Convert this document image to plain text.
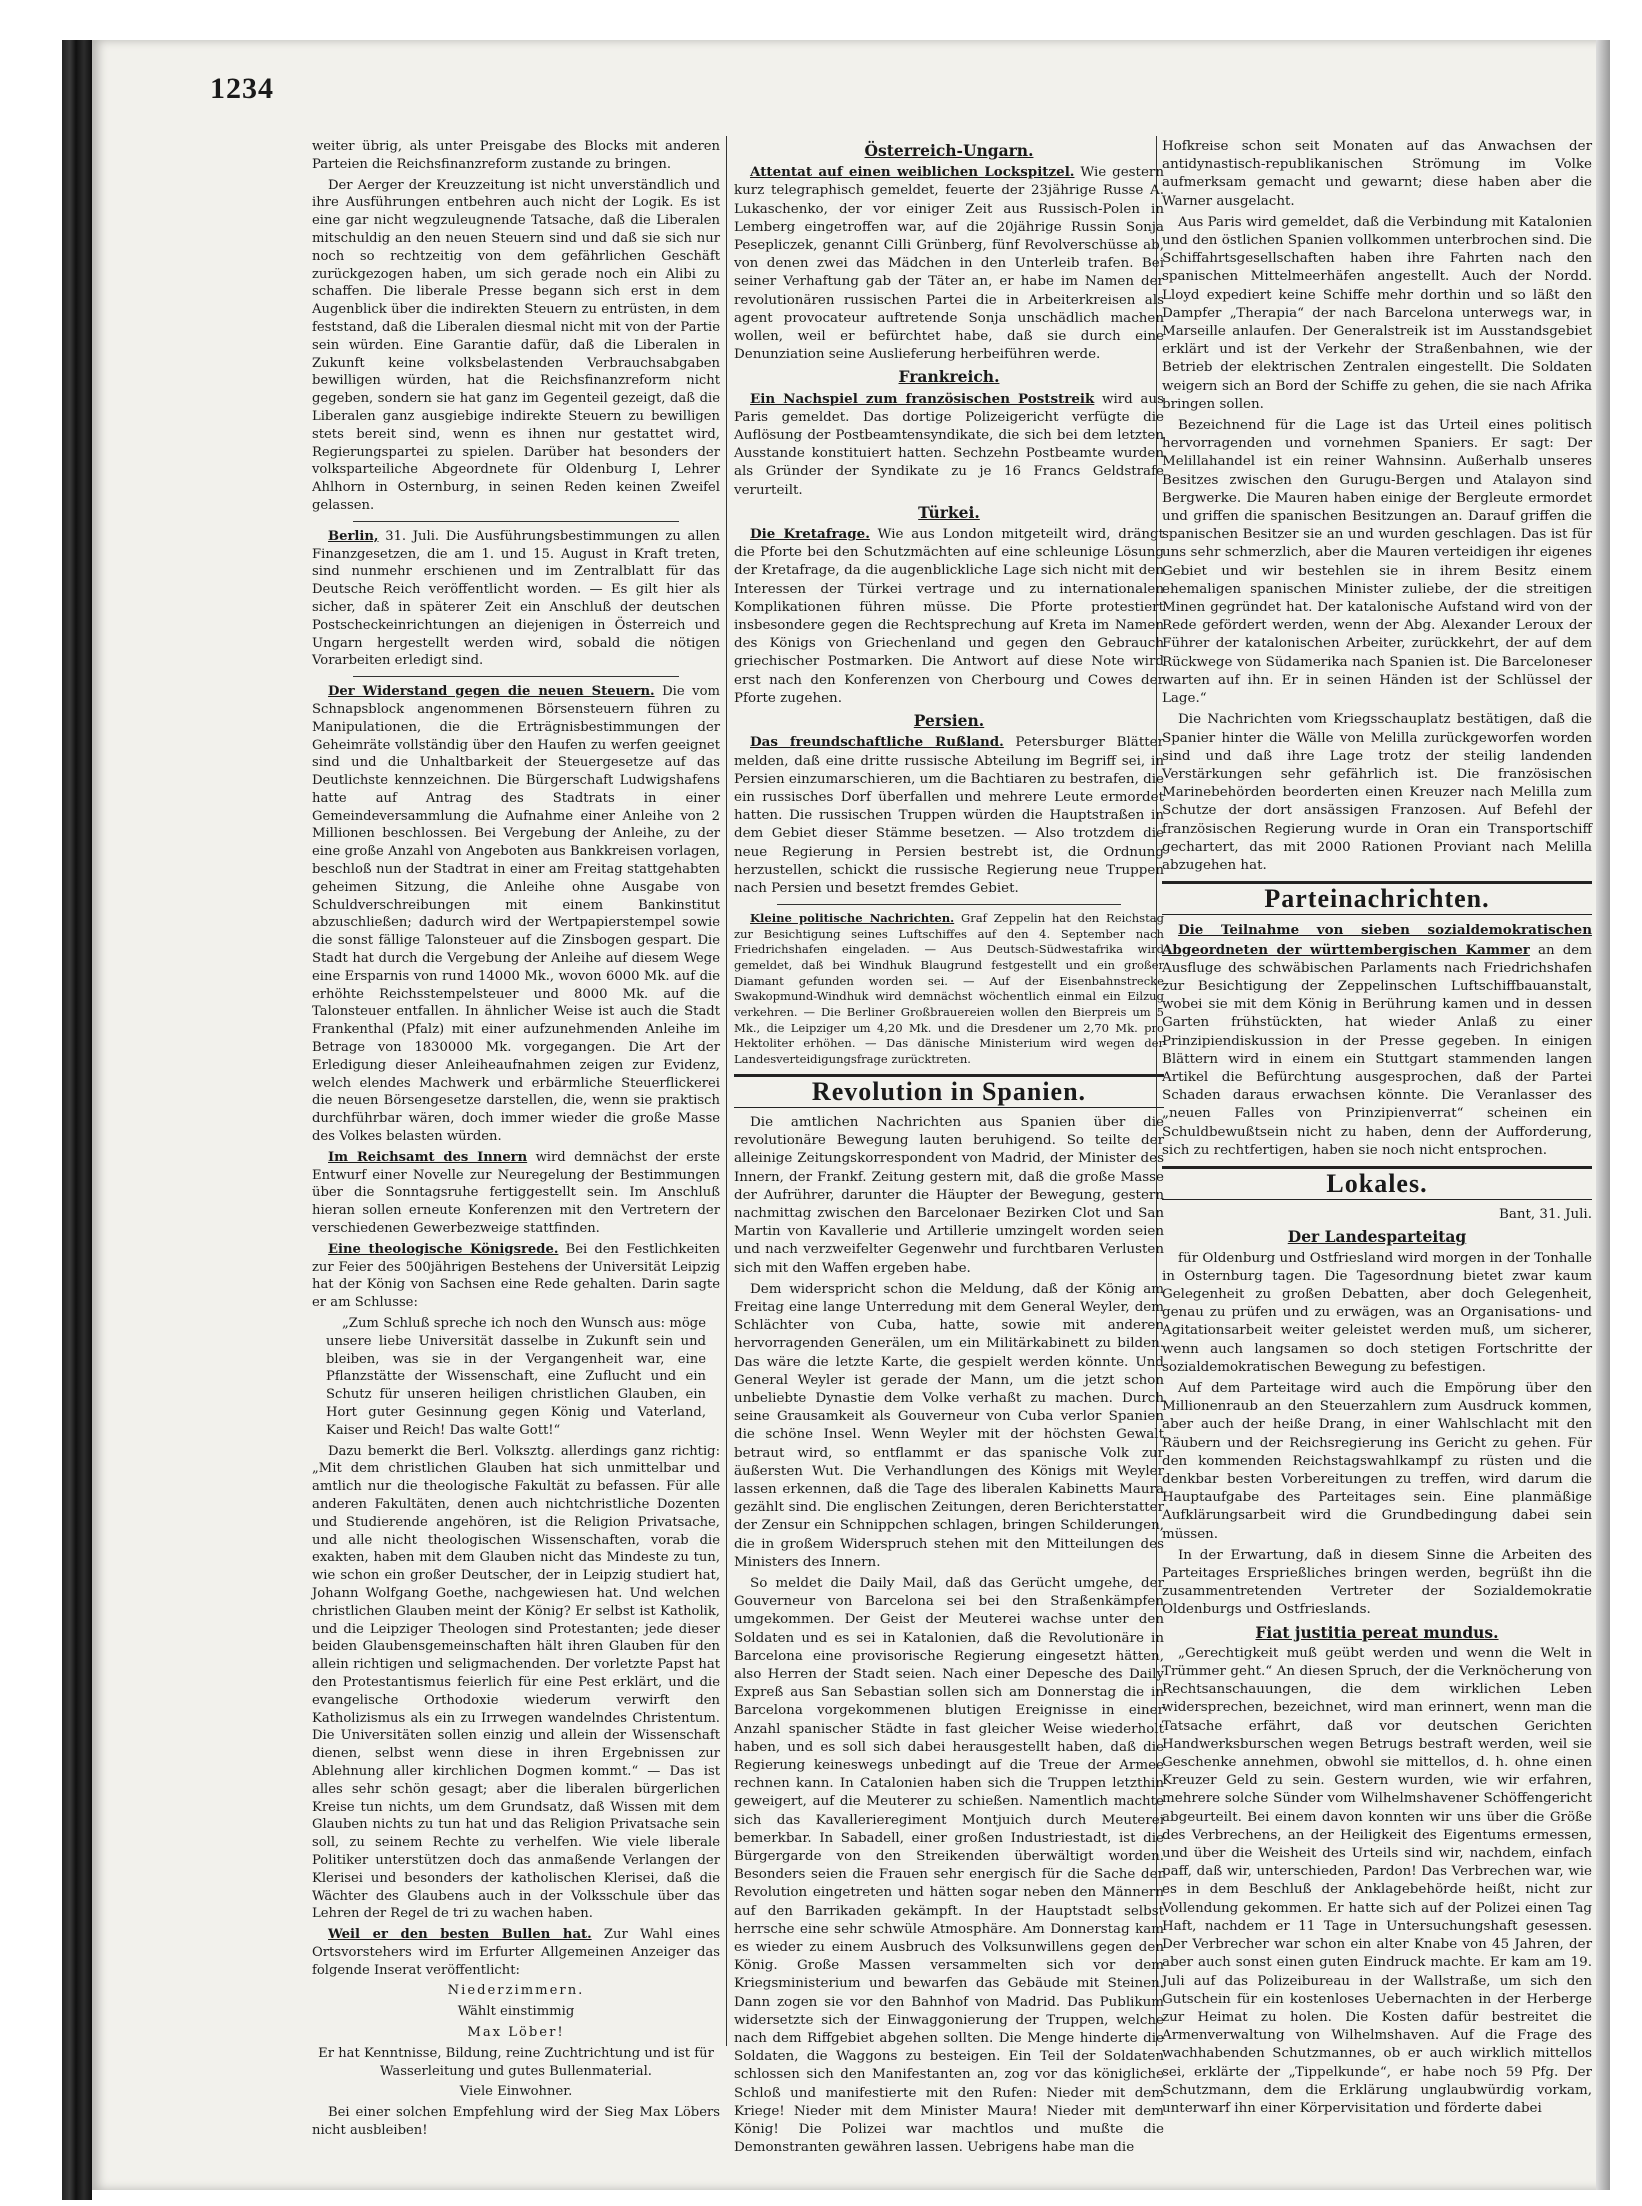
1234

weiter übrig, als unter Preisgabe des Blocks mit anderen Parteien die Reichsfinanzreform zustande zu bringen.

Der Aerger der Kreuzzeitung ist nicht unverständlich und ihre Ausführungen entbehren auch nicht der Logik. Es ist eine gar nicht wegzuleugnende Tatsache, daß die Liberalen mitschuldig an den neuen Steuern sind und daß sie sich nur noch so rechtzeitig von dem gefährlichen Geschäft zurückgezogen haben, um sich gerade noch ein Alibi zu schaffen. Die liberale Presse begann sich erst in dem Augenblick über die indirekten Steuern zu entrüsten, in dem feststand, daß die Liberalen diesmal nicht mit von der Partie sein würden. Eine Garantie dafür, daß die Liberalen in Zukunft keine volksbelastenden Verbrauchsabgaben bewilligen würden, hat die Reichsfinanzreform nicht gegeben, sondern sie hat ganz im Gegenteil gezeigt, daß die Liberalen ganz ausgiebige indirekte Steuern zu bewilligen stets bereit sind, wenn es ihnen nur gestattet wird, Regierungspartei zu spielen. Darüber hat besonders der volksparteiliche Abgeordnete für Oldenburg I, Lehrer Ahlhorn in Osternburg, in seinen Reden keinen Zweifel gelassen.

Berlin, 31. Juli. Die Ausführungsbestimmungen zu allen Finanzgesetzen, die am 1. und 15. August in Kraft treten, sind nunmehr erschienen und im Zentralblatt für das Deutsche Reich veröffentlicht worden. — Es gilt hier als sicher, daß in späterer Zeit ein Anschluß der deutschen Postscheckeinrichtungen an diejenigen in Österreich und Ungarn hergestellt werden wird, sobald die nötigen Vorarbeiten erledigt sind.

Der Widerstand gegen die neuen Steuern. Die vom Schnapsblock angenommenen Börsensteuern führen zu Manipulationen, die die Erträgnisbestimmungen der Geheimräte vollständig über den Haufen zu werfen geeignet sind und die Unhaltbarkeit der Steuergesetze auf das Deutlichste kennzeichnen. Die Bürgerschaft Ludwigshafens hatte auf Antrag des Stadtrats in einer Gemeindeversammlung die Aufnahme einer Anleihe von 2 Millionen beschlossen. Bei Vergebung der Anleihe, zu der eine große Anzahl von Angeboten aus Bankkreisen vorlagen, beschloß nun der Stadtrat in einer am Freitag stattgehabten geheimen Sitzung, die Anleihe ohne Ausgabe von Schuldverschreibungen mit einem Bankinstitut abzuschließen; dadurch wird der Wertpapierstempel sowie die sonst fällige Talonsteuer auf die Zinsbogen gespart. Die Stadt hat durch die Vergebung der Anleihe auf diesem Wege eine Ersparnis von rund 14000 Mk., wovon 6000 Mk. auf die erhöhte Reichsstempelsteuer und 8000 Mk. auf die Talonsteuer entfallen. In ähnlicher Weise ist auch die Stadt Frankenthal (Pfalz) mit einer aufzunehmenden Anleihe im Betrage von 1830000 Mk. vorgegangen. Die Art der Erledigung dieser Anleiheaufnahmen zeigen zur Evidenz, welch elendes Machwerk und erbärmliche Steuerflickerei die neuen Börsengesetze darstellen, die, wenn sie praktisch durchführbar wären, doch immer wieder die große Masse des Volkes belasten würden.

Im Reichsamt des Innern wird demnächst der erste Entwurf einer Novelle zur Neuregelung der Bestimmungen über die Sonntagsruhe fertiggestellt sein. Im Anschluß hieran sollen erneute Konferenzen mit den Vertretern der verschiedenen Gewerbezweige stattfinden.

Eine theologische Königsrede. Bei den Festlichkeiten zur Feier des 500jährigen Bestehens der Universität Leipzig hat der König von Sachsen eine Rede gehalten. Darin sagte er am Schlusse:

„Zum Schluß spreche ich noch den Wunsch aus: möge unsere liebe Universität dasselbe in Zukunft sein und bleiben, was sie in der Vergangenheit war, eine Pflanzstätte der Wissenschaft, eine Zuflucht und ein Schutz für unseren heiligen christlichen Glauben, ein Hort guter Gesinnung gegen König und Vaterland, Kaiser und Reich! Das walte Gott!“

Dazu bemerkt die Berl. Volksztg. allerdings ganz richtig: „Mit dem christlichen Glauben hat sich unmittelbar und amtlich nur die theologische Fakultät zu befassen. Für alle anderen Fakultäten, denen auch nichtchristliche Dozenten und Studierende angehören, ist die Religion Privatsache, und alle nicht theologischen Wissenschaften, vorab die exakten, haben mit dem Glauben nicht das Mindeste zu tun, wie schon ein großer Deutscher, der in Leipzig studiert hat, Johann Wolfgang Goethe, nachgewiesen hat. Und welchen christlichen Glauben meint der König? Er selbst ist Katholik, und die Leipziger Theologen sind Protestanten; jede dieser beiden Glaubensgemeinschaften hält ihren Glauben für den allein richtigen und seligmachenden. Der vorletzte Papst hat den Protestantismus feierlich für eine Pest erklärt, und die evangelische Orthodoxie wiederum verwirft den Katholizismus als ein zu Irrwegen wandelndes Christentum. Die Universitäten sollen einzig und allein der Wissenschaft dienen, selbst wenn diese in ihren Ergebnissen zur Ablehnung aller kirchlichen Dogmen kommt.“ — Das ist alles sehr schön gesagt; aber die liberalen bürgerlichen Kreise tun nichts, um dem Grundsatz, daß Wissen mit dem Glauben nichts zu tun hat und das Religion Privatsache sein soll, zu seinem Rechte zu verhelfen. Wie viele liberale Politiker unterstützen doch das anmaßende Verlangen der Klerisei und besonders der katholischen Klerisei, daß die Wächter des Glaubens auch in der Volksschule über das Lehren der Regel de tri zu wachen haben.

Weil er den besten Bullen hat. Zur Wahl eines Ortsvorstehers wird im Erfurter Allgemeinen Anzeiger das folgende Inserat veröffentlicht:

Niederzimmern.

Wählt einstimmig

Max Löber!

Er hat Kenntnisse, Bildung, reine Zuchtrichtung und ist für Wasserleitung und gutes Bullenmaterial.

Viele Einwohner.

Bei einer solchen Empfehlung wird der Sieg Max Löbers nicht ausbleiben!

Österreich-Ungarn.

Attentat auf einen weiblichen Lockspitzel. Wie gestern kurz telegraphisch gemeldet, feuerte der 23jährige Russe A. Lukaschenko, der vor einiger Zeit aus Russisch-Polen in Lemberg eingetroffen war, auf die 20jährige Russin Sonja Pesepliczek, genannt Cilli Grünberg, fünf Revolverschüsse ab, von denen zwei das Mädchen in den Unterleib trafen. Bei seiner Verhaftung gab der Täter an, er habe im Namen der revolutionären russischen Partei die in Arbeiterkreisen als agent provocateur auftretende Sonja unschädlich machen wollen, weil er befürchtet habe, daß sie durch eine Denunziation seine Auslieferung herbeiführen werde.

Frankreich.

Ein Nachspiel zum französischen Poststreik wird aus Paris gemeldet. Das dortige Polizeigericht verfügte die Auflösung der Postbeamtensyndikate, die sich bei dem letzten Ausstande konstituiert hatten. Sechzehn Postbeamte wurden als Gründer der Syndikate zu je 16 Francs Geldstrafe verurteilt.

Türkei.

Die Kretafrage. Wie aus London mitgeteilt wird, drängt die Pforte bei den Schutzmächten auf eine schleunige Lösung der Kretafrage, da die augenblickliche Lage sich nicht mit den Interessen der Türkei vertrage und zu internationalen Komplikationen führen müsse. Die Pforte protestiert insbesondere gegen die Rechtsprechung auf Kreta im Namen des Königs von Griechenland und gegen den Gebrauch griechischer Postmarken. Die Antwort auf diese Note wird erst nach den Konferenzen von Cherbourg und Cowes der Pforte zugehen.

Persien.

Das freundschaftliche Rußland. Petersburger Blätter melden, daß eine dritte russische Abteilung im Begriff sei, in Persien einzumarschieren, um die Bachtiaren zu bestrafen, die ein russisches Dorf überfallen und mehrere Leute ermordet hatten. Die russischen Truppen würden die Hauptstraßen in dem Gebiet dieser Stämme besetzen. — Also trotzdem die neue Regierung in Persien bestrebt ist, die Ordnung herzustellen, schickt die russische Regierung neue Truppen nach Persien und besetzt fremdes Gebiet.

Kleine politische Nachrichten. Graf Zeppelin hat den Reichstag zur Besichtigung seines Luftschiffes auf den 4. September nach Friedrichshafen eingeladen. — Aus Deutsch-Südwestafrika wird gemeldet, daß bei Windhuk Blaugrund festgestellt und ein großer Diamant gefunden worden sei. — Auf der Eisenbahnstrecke Swakopmund-Windhuk wird demnächst wöchentlich einmal ein Eilzug verkehren. — Die Berliner Großbrauereien wollen den Bierpreis um 5 Mk., die Leipziger um 4,20 Mk. und die Dresdener um 2,70 Mk. pro Hektoliter erhöhen. — Das dänische Ministerium wird wegen der Landesverteidigungsfrage zurücktreten.

Revolution in Spanien.

Die amtlichen Nachrichten aus Spanien über die revolutionäre Bewegung lauten beruhigend. So teilte der alleinige Zeitungskorrespondent von Madrid, der Minister des Innern, der Frankf. Zeitung gestern mit, daß die große Masse der Aufrührer, darunter die Häupter der Bewegung, gestern nachmittag zwischen den Barcelonaer Bezirken Clot und San Martin von Kavallerie und Artillerie umzingelt worden seien und nach verzweifelter Gegenwehr und furchtbaren Verlusten sich mit den Waffen ergeben habe.

Dem widerspricht schon die Meldung, daß der König am Freitag eine lange Unterredung mit dem General Weyler, dem Schlächter von Cuba, hatte, sowie mit anderen hervorragenden Generälen, um ein Militärkabinett zu bilden. Das wäre die letzte Karte, die gespielt werden könnte. Und General Weyler ist gerade der Mann, um die jetzt schon unbeliebte Dynastie dem Volke verhaßt zu machen. Durch seine Grausamkeit als Gouverneur von Cuba verlor Spanien die schöne Insel. Wenn Weyler mit der höchsten Gewalt betraut wird, so entflammt er das spanische Volk zur äußersten Wut. Die Verhandlungen des Königs mit Weyler lassen erkennen, daß die Tage des liberalen Kabinetts Maura gezählt sind. Die englischen Zeitungen, deren Berichterstatter der Zensur ein Schnippchen schlagen, bringen Schilderungen, die in großem Widerspruch stehen mit den Mitteilungen des Ministers des Innern.

So meldet die Daily Mail, daß das Gerücht umgehe, der Gouverneur von Barcelona sei bei den Straßenkämpfen umgekommen. Der Geist der Meuterei wachse unter den Soldaten und es sei in Katalonien, daß die Revolutionäre in Barcelona eine provisorische Regierung eingesetzt hätten, also Herren der Stadt seien. Nach einer Depesche des Daily Expreß aus San Sebastian sollen sich am Donnerstag die in Barcelona vorgekommenen blutigen Ereignisse in einer Anzahl spanischer Städte in fast gleicher Weise wiederholt haben, und es soll sich dabei herausgestellt haben, daß die Regierung keineswegs unbedingt auf die Treue der Armee rechnen kann. In Catalonien haben sich die Truppen letzthin geweigert, auf die Meuterer zu schießen. Namentlich machte sich das Kavallerieregiment Montjuich durch Meuterei bemerkbar. In Sabadell, einer großen Industriestadt, ist die Bürgergarde von den Streikenden überwältigt worden. Besonders seien die Frauen sehr energisch für die Sache der Revolution eingetreten und hätten sogar neben den Männern auf den Barrikaden gekämpft. In der Hauptstadt selbst herrsche eine sehr schwüle Atmosphäre. Am Donnerstag kam es wieder zu einem Ausbruch des Volksunwillens gegen den König. Große Massen versammelten sich vor dem Kriegsministerium und bewarfen das Gebäude mit Steinen. Dann zogen sie vor den Bahnhof von Madrid. Das Publikum widersetzte sich der Einwaggonierung der Truppen, welche nach dem Riffgebiet abgehen sollten. Die Menge hinderte die Soldaten, die Waggons zu besteigen. Ein Teil der Soldaten schlossen sich den Manifestanten an, zog vor das königliche Schloß und manifestierte mit den Rufen: Nieder mit dem Kriege! Nieder mit dem Minister Maura! Nieder mit dem König! Die Polizei war machtlos und mußte die Demonstranten gewähren lassen. Uebrigens habe man die

Hofkreise schon seit Monaten auf das Anwachsen der antidynastisch-republikanischen Strömung im Volke aufmerksam gemacht und gewarnt; diese haben aber die Warner ausgelacht.

Aus Paris wird gemeldet, daß die Verbindung mit Katalonien und den östlichen Spanien vollkommen unterbrochen sind. Die Schiffahrtsgesellschaften haben ihre Fahrten nach den spanischen Mittelmeerhäfen angestellt. Auch der Nordd. Lloyd expediert keine Schiffe mehr dorthin und so läßt den Dampfer „Therapia“ der nach Barcelona unterwegs war, in Marseille anlaufen. Der Generalstreik ist im Ausstandsgebiet erklärt und ist der Verkehr der Straßenbahnen, wie der Betrieb der elektrischen Zentralen eingestellt. Die Soldaten weigern sich an Bord der Schiffe zu gehen, die sie nach Afrika bringen sollen.

Bezeichnend für die Lage ist das Urteil eines politisch hervorragenden und vornehmen Spaniers. Er sagt: Der Melillahandel ist ein reiner Wahnsinn. Außerhalb unseres Besitzes zwischen den Gurugu-Bergen und Atalayon sind Bergwerke. Die Mauren haben einige der Bergleute ermordet und griffen die spanischen Besitzungen an. Darauf griffen die spanischen Besitzer sie an und wurden geschlagen. Das ist für uns sehr schmerzlich, aber die Mauren verteidigen ihr eigenes Gebiet und wir bestehlen sie in ihrem Besitz einem ehemaligen spanischen Minister zuliebe, der die streitigen Minen gegründet hat. Der katalonische Aufstand wird von der Rede gefördert werden, wenn der Abg. Alexander Leroux der Führer der katalonischen Arbeiter, zurückkehrt, der auf dem Rückwege von Südamerika nach Spanien ist. Die Barceloneser warten auf ihn. Er in seinen Händen ist der Schlüssel der Lage.“

Die Nachrichten vom Kriegsschauplatz bestätigen, daß die Spanier hinter die Wälle von Melilla zurückgeworfen worden sind und daß ihre Lage trotz der steilig landenden Verstärkungen sehr gefährlich ist. Die französischen Marinebehörden beorderten einen Kreuzer nach Melilla zum Schutze der dort ansässigen Franzosen. Auf Befehl der französischen Regierung wurde in Oran ein Transportschiff gechartert, das mit 2000 Rationen Proviant nach Melilla abzugehen hat.

Parteinachrichten.

Die Teilnahme von sieben sozialdemokratischen Abgeordneten der württembergischen Kammer an dem Ausfluge des schwäbischen Parlaments nach Friedrichshafen zur Besichtigung der Zeppelinschen Luftschiffbauanstalt, wobei sie mit dem König in Berührung kamen und in dessen Garten frühstückten, hat wieder Anlaß zu einer Prinzipiendiskussion in der Presse gegeben. In einigen Blättern wird in einem ein Stuttgart stammenden langen Artikel die Befürchtung ausgesprochen, daß der Partei Schaden daraus erwachsen könnte. Die Veranlasser des „neuen Falles von Prinzipienverrat“ scheinen ein Schuldbewußtsein nicht zu haben, denn der Aufforderung, sich zu rechtfertigen, haben sie noch nicht entsprochen.

Lokales.

Bant, 31. Juli.

Der Landesparteitag

für Oldenburg und Ostfriesland wird morgen in der Tonhalle in Osternburg tagen. Die Tagesordnung bietet zwar kaum Gelegenheit zu großen Debatten, aber doch Gelegenheit, genau zu prüfen und zu erwägen, was an Organisations- und Agitationsarbeit weiter geleistet werden muß, um sicherer, wenn auch langsamen so doch stetigen Fortschritte der sozialdemokratischen Bewegung zu befestigen.

Auf dem Parteitage wird auch die Empörung über den Millionenraub an den Steuerzahlern zum Ausdruck kommen, aber auch der heiße Drang, in einer Wahlschlacht mit den Räubern und der Reichsregierung ins Gericht zu gehen. Für den kommenden Reichstagswahlkampf zu rüsten und die denkbar besten Vorbereitungen zu treffen, wird darum die Hauptaufgabe des Parteitages sein. Eine planmäßige Aufklärungsarbeit wird die Grundbedingung dabei sein müssen.

In der Erwartung, daß in diesem Sinne die Arbeiten des Parteitages Ersprießliches bringen werden, begrüßt ihn die zusammentretenden Vertreter der Sozialdemokratie Oldenburgs und Ostfrieslands.

Fiat justitia pereat mundus.

„Gerechtigkeit muß geübt werden und wenn die Welt in Trümmer geht.“ An diesen Spruch, der die Verknöcherung von Rechtsanschauungen, die dem wirklichen Leben widersprechen, bezeichnet, wird man erinnert, wenn man die Tatsache erfährt, daß vor deutschen Gerichten Handwerksburschen wegen Betrugs bestraft werden, weil sie Geschenke annehmen, obwohl sie mittellos, d. h. ohne einen Kreuzer Geld zu sein. Gestern wurden, wie wir erfahren, mehrere solche Sünder vom Wilhelmshavener Schöffengericht abgeurteilt. Bei einem davon konnten wir uns über die Größe des Verbrechens, an der Heiligkeit des Eigentums ermessen, und über die Weisheit des Urteils sind wir, nachdem, einfach paff, daß wir, unterschieden, Pardon! Das Verbrechen war, wie es in dem Beschluß der Anklagebehörde heißt, nicht zur Vollendung gekommen. Er hatte sich auf der Polizei einen Tag Haft, nachdem er 11 Tage in Untersuchungshaft gesessen. Der Verbrecher war schon ein alter Knabe von 45 Jahren, der aber auch sonst einen guten Eindruck machte. Er kam am 19. Juli auf das Polizeibureau in der Wallstraße, um sich den Gutschein für ein kostenloses Uebernachten in der Herberge zur Heimat zu holen. Die Kosten dafür bestreitet die Armenverwaltung von Wilhelmshaven. Auf die Frage des wachhabenden Schutzmannes, ob er auch wirklich mittellos sei, erklärte der „Tippelkunde“, er habe noch 59 Pfg. Der Schutzmann, dem die Erklärung unglaubwürdig vorkam, unterwarf ihn einer Körpervisitation und förderte dabei
